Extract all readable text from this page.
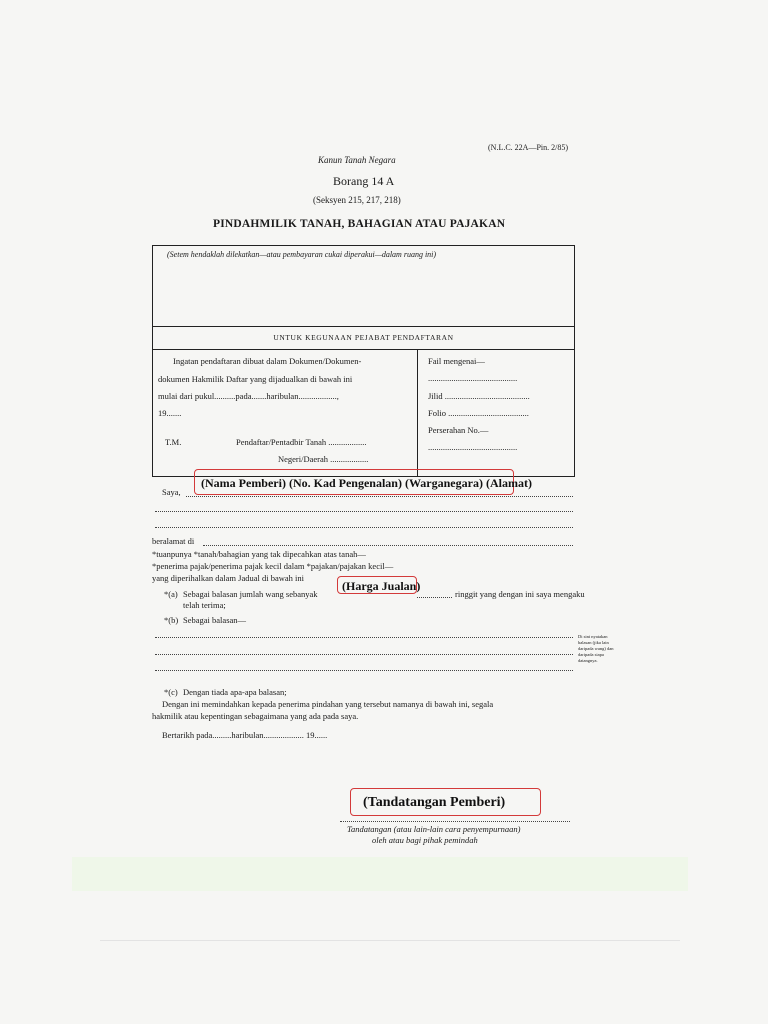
(N.L.C. 22A—Pin. 2/85)
Kanun Tanah Negara
Borang 14 A
(Seksyen 215, 217, 218)
PINDAHMILIK TANAH, BAHAGIAN ATAU PAJAKAN
(Setem hendaklah dilekatkan—atau pembayaran cukai diperakui—dalam ruang ini)
UNTUK KEGUNAAN PEJABAT PENDAFTARAN
Ingatan pendaftaran dibuat dalam Dokumen/Dokumen-
dokumen Hakmilik Daftar yang dijadualkan di bawah ini
mulai dari pukul..........pada.......haribulan..................,
19.......
T.M.	Pendaftar/Pentadbir Tanah ..................
Negeri/Daerah ..................
Fail mengenai—
..........................................
Jilid ........................................
Folio ......................................
Perserahan No.—
..........................................
Saya,
(Nama Pemberi) (No. Kad Pengenalan) (Warganegara) (Alamat)
beralamat di
*tuanpunya *tanah/bahagian yang tak dipecahkan atas tanah—
*penerima pajak/penerima pajak kecil dalam *pajakan/pajakan kecil—
yang diperihalkan dalam Jadual di bawah ini
*(a) Sebagai balasan jumlah wang sebanyak
(Harga Jualan)
ringgit yang dengan ini saya mengaku
telah terima;
*(b) Sebagai balasan—
Di sini nyatakan balasan (jika lain daripada wang) dan daripada siapa datangnya.
*(c) Dengan tiada apa-apa balasan;
Dengan ini memindahkan kepada penerima pindahan yang tersebut namanya di bawah ini, segala
hakmilik atau kepentingan sebagaimana yang ada pada saya.
Bertarikh pada.........haribulan................... 19......
(Tandatangan Pemberi)
Tandatangan (atau lain-lain cara penyempurnaan)
oleh atau bagi pihak pemindah
